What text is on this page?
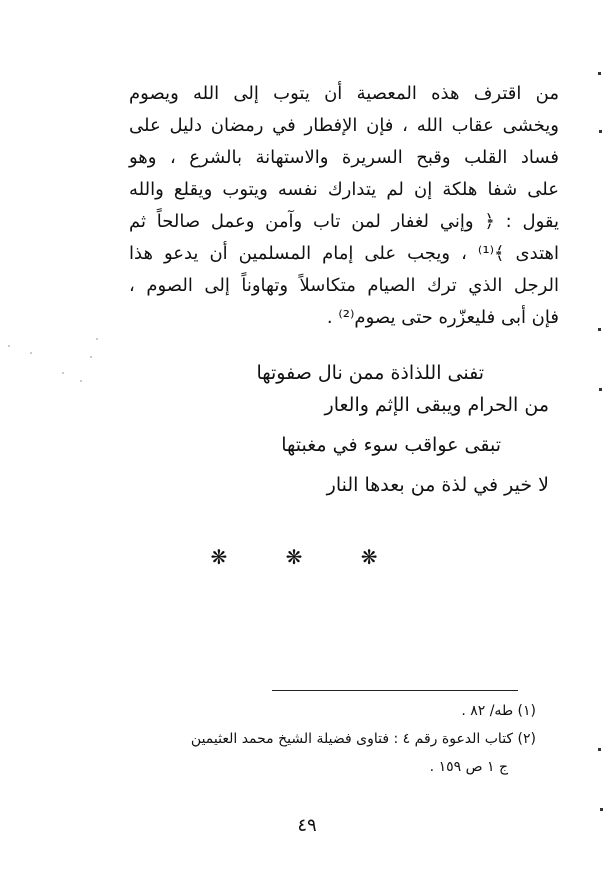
من اقترف هذه المعصية أن يتوب إلى الله ويصوم
ويخشى عقاب الله ، فإن الإفطار في رمضان دليل على
فساد القلب وقبح السريرة والاستهانة بالشرع ، وهو
على شفا هلكة إن لم يتدارك نفسه ويتوب ويقلع والله
يقول : ﴿ وإني لغفار لمن تاب وآمن وعمل صالحاً ثم
اهتدى ﴾⁽¹⁾ ، ويجب على إمام المسلمين أن يدعو هذا
الرجل الذي ترك الصيام متكاسلاً وتهاوناً إلى الصوم ،
فإن أبى فليعزّره حتى يصوم⁽²⁾ .
تفنى اللذاذة ممن نال صفوتها
من الحرام ويبقى الإثم والعار
تبقى عواقب سوء في مغبتها
لا خير في لذة من بعدها النار
❋ ❋ ❋
(١) طه/ ٨٢ .
(٢) كتاب الدعوة رقم ٤ : فتاوى فضيلة الشيخ محمد العثيمين
ج ١ ص ١٥٩ .
٤٩
